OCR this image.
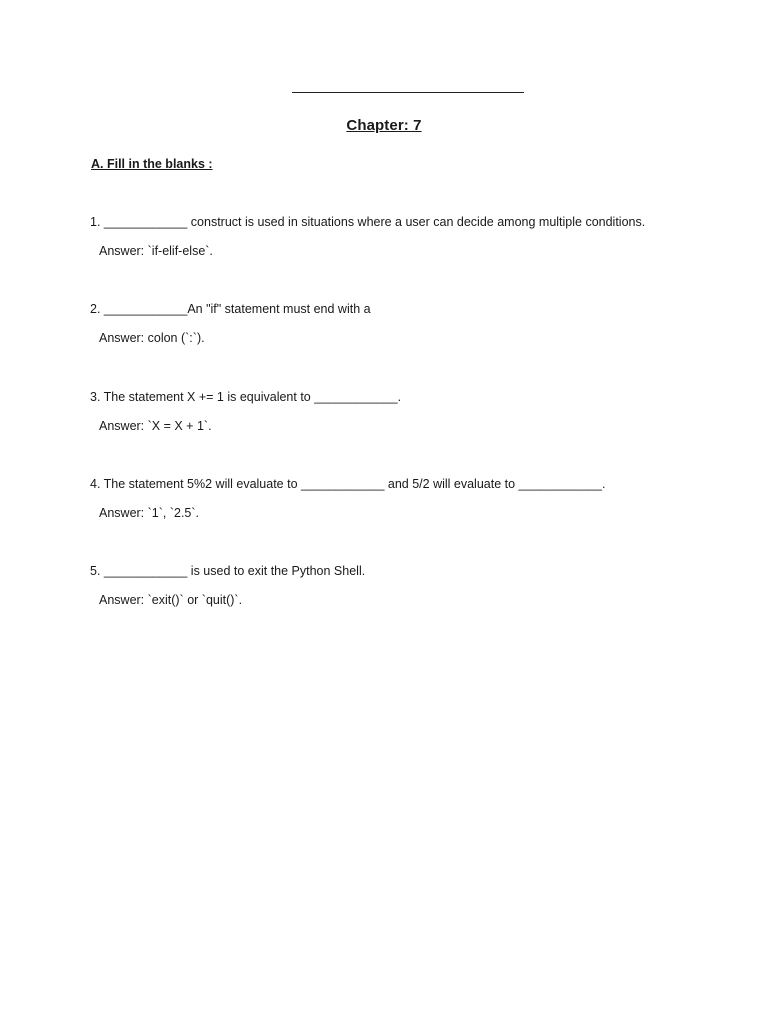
Chapter: 7
A. Fill in the blanks :
1. ____________ construct is used in situations where a user can decide among multiple conditions.
Answer: `if-elif-else`.
2. ____________An "if" statement must end with a
Answer: colon (`:`).
3. The statement X += 1 is equivalent to ____________.
Answer: `X = X + 1`.
4. The statement 5%2 will evaluate to ____________ and 5/2 will evaluate to ____________.
Answer: `1`, `2.5`.
5. ____________ is used to exit the Python Shell.
Answer: `exit()` or `quit()`.
